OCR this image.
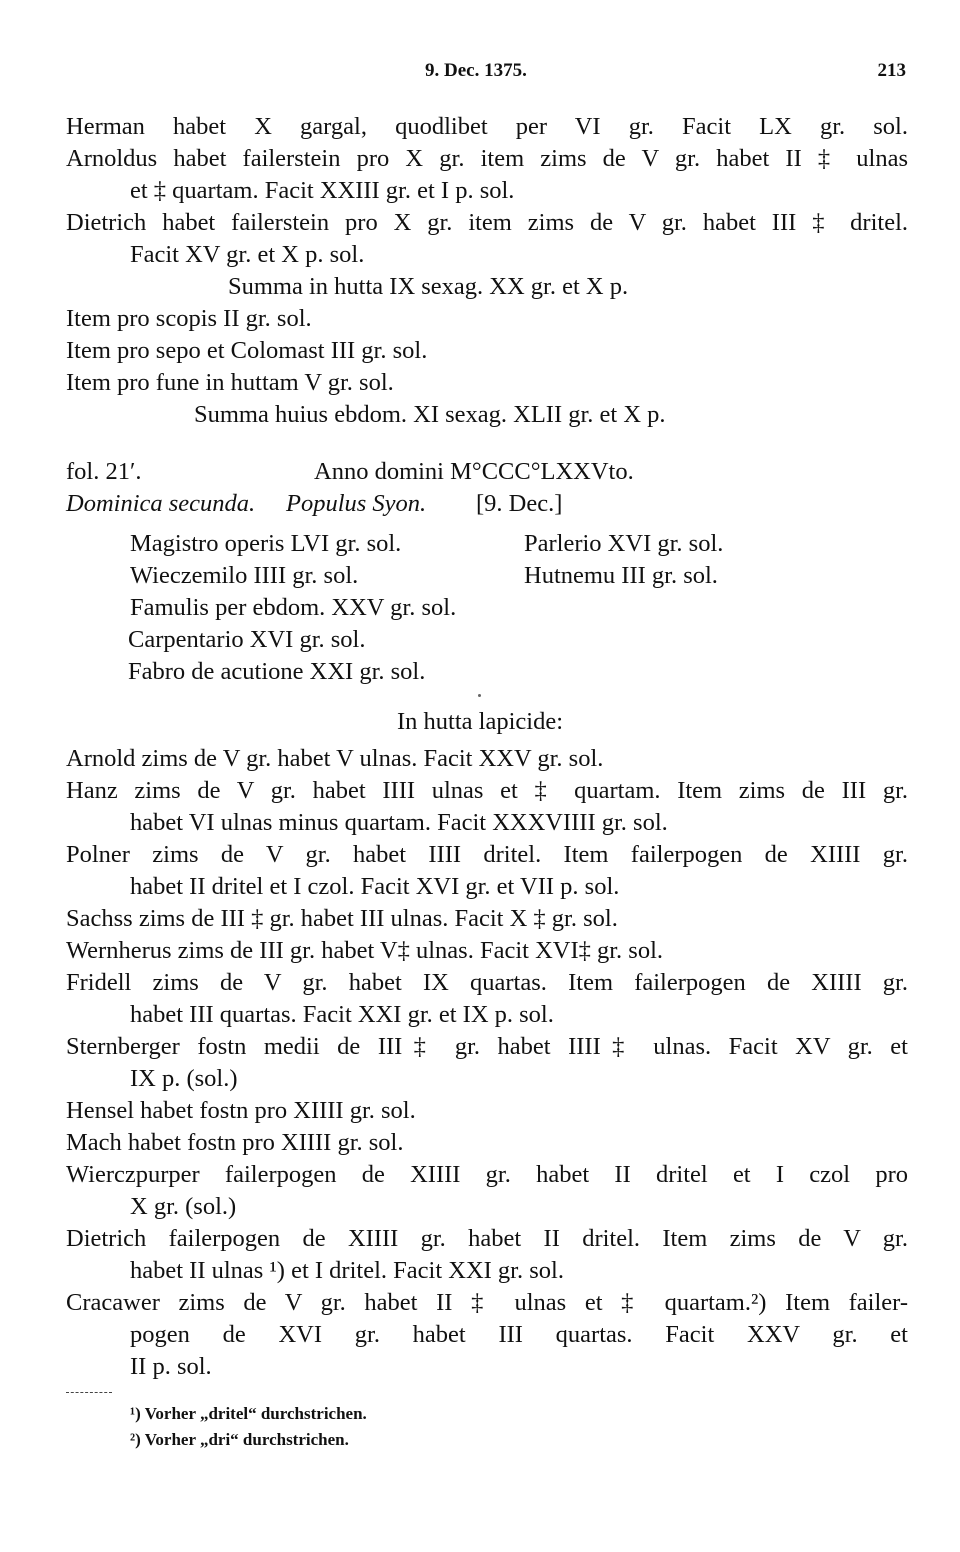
9. Dec. 1375.	213
Herman habet X gargal, quodlibet per VI gr. Facit LX gr. sol.
Arnoldus habet failerstein pro X gr. item zims de V gr. habet II ‡ ulnas
et ‡ quartam. Facit XXIII gr. et I p. sol.
Dietrich habet failerstein pro X gr. item zims de V gr. habet III ‡ dritel.
Facit XV gr. et X p. sol.
Summa in hutta IX sexag. XX gr. et X p.
Item pro scopis II gr. sol.
Item pro sepo et Colomast III gr. sol.
Item pro fune in huttam V gr. sol.
Summa huius ebdom. XI sexag. XLII gr. et X p.
fol. 21′.	Anno domini M°CCC°LXXVto.
Dominica secunda. Populus Syon. [9. Dec.]
Magistro operis LVI gr. sol.	Parlerio XVI gr. sol.
Wieczemilo IIII gr. sol.	Hutnemu III gr. sol.
Famulis per ebdom. XXV gr. sol.
Carpentario XVI gr. sol.
Fabro de acutione XXI gr. sol.
In hutta lapicide:
Arnold zims de V gr. habet V ulnas. Facit XXV gr. sol.
Hanz zims de V gr. habet IIII ulnas et ‡ quartam. Item zims de III gr.
habet VI ulnas minus quartam. Facit XXXVIIII gr. sol.
Polner zims de V gr. habet IIII dritel. Item failerpogen de XIIII gr.
habet II dritel et I czol. Facit XVI gr. et VII p. sol.
Sachss zims de III ‡ gr. habet III ulnas. Facit X ‡ gr. sol.
Wernherus zims de III gr. habet V‡ ulnas. Facit XVI‡ gr. sol.
Fridell zims de V gr. habet IX quartas. Item failerpogen de XIIII gr.
habet III quartas. Facit XXI gr. et IX p. sol.
Sternberger fostn medii de III‡ gr. habet IIII‡ ulnas. Facit XV gr. et
IX p. (sol.)
Hensel habet fostn pro XIIII gr. sol.
Mach habet fostn pro XIIII gr. sol.
Wierczpurper failerpogen de XIIII gr. habet II dritel et I czol pro
X gr. (sol.)
Dietrich failerpogen de XIIII gr. habet II dritel. Item zims de V gr.
habet II ulnas ¹) et I dritel. Facit XXI gr. sol.
Cracawer zims de V gr. habet II ‡ ulnas et ‡ quartam.²) Item failer-
pogen de XVI gr. habet III quartas. Facit XXV gr. et
II p. sol.
¹) Vorher „dritel“ durchstrichen.
²) Vorher „dri“ durchstrichen.
